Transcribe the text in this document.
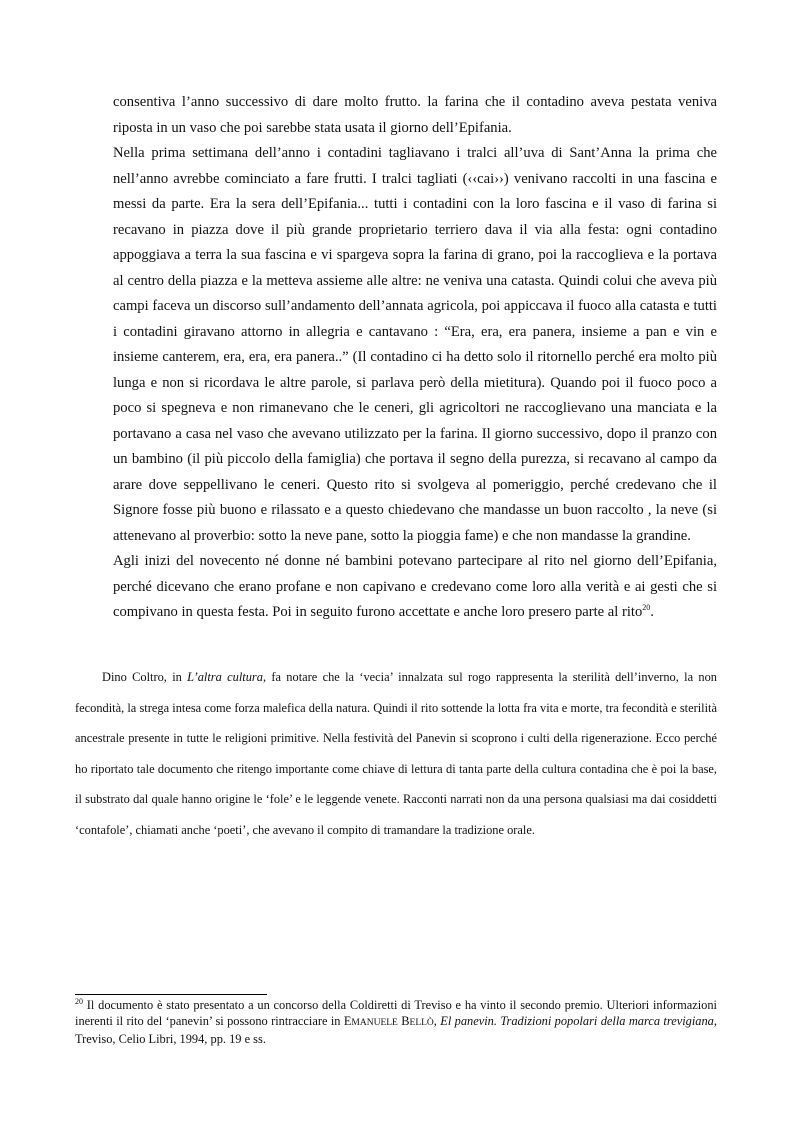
consentiva l’anno successivo di dare molto frutto. la farina che il contadino aveva pestata veniva riposta in un vaso che poi sarebbe stata usata il giorno dell’Epifania.

Nella prima settimana dell’anno i contadini tagliavano i tralci all’uva di Sant’Anna la prima che nell’anno avrebbe cominciato a fare frutti. I tralci tagliati (‹‹cai››) venivano raccolti in una fascina e messi da parte. Era la sera dell’Epifania... tutti i contadini con la loro fascina e il vaso di farina si recavano in piazza dove il più grande proprietario terriero dava il via alla festa: ogni contadino appoggiava a terra la sua fascina e vi spargeva sopra la farina di grano, poi la raccoglieva e la portava al centro della piazza e la metteva assieme alle altre: ne veniva una catasta. Quindi colui che aveva più campi faceva un discorso sull’andamento dell’annata agricola, poi appiccava il fuoco alla catasta e tutti i contadini giravano attorno in allegria e cantavano : “Era, era, era panera, insieme a pan e vin e insieme canterem, era, era, era panera..” (Il contadino ci ha detto solo il ritornello perché era molto più lunga e non si ricordava le altre parole, si parlava però della mietitura). Quando poi il fuoco poco a poco si spegneva e non rimanevano che le ceneri, gli agricoltori ne raccoglievano una manciata e la portavano a casa nel vaso che avevano utilizzato per la farina. Il giorno successivo, dopo il pranzo con un bambino (il più piccolo della famiglia) che portava il segno della purezza, si recavano al campo da arare dove seppellivano le ceneri. Questo rito si svolgeva al pomeriggio, perché credevano che il Signore fosse più buono e rilassato e a questo chiedevano che mandasse un buon raccolto , la neve (si attenevano al proverbio: sotto la neve pane, sotto la pioggia fame) e che non mandasse la grandine.

Agli inizi del novecento né donne né bambini potevano partecipare al rito nel giorno dell’Epifania, perché dicevano che erano profane e non capivano e credevano come loro alla verità e ai gesti che si compivano in questa festa. Poi in seguito furono accettate e anche loro presero parte al rito$^{20}$.

Dino Coltro, in L’altra cultura, fa notare che la ‘vecia’ innalzata sul rogo rappresenta la sterilità dell’inverno, la non fecondità, la strega intesa come forza malefica della natura. Quindi il rito sottende la lotta fra vita e morte, tra fecondità e sterilità ancestrale presente in tutte le religioni primitive. Nella festività del Panevin si scoprono i culti della rigenerazione. Ecco perché ho riportato tale documento che ritengo importante come chiave di lettura di tanta parte della cultura contadina che è poi la base, il substrato dal quale hanno origine le ‘fole’ e le leggende venete. Racconti narrati non da una persona qualsiasi ma dai cosiddetti ‘contafole’, chiamati anche ‘poeti’, che avevano il compito di tramandare la tradizione orale.

$^{20}$ Il documento è stato presentato a un concorso della Coldiretti di Treviso e ha vinto il secondo premio. Ulteriori informazioni inerenti il rito del ‘panevin’ si possono rintracciare in EMANUELE BELLÒ, El panevin. Tradizioni popolari della marca trevigiana, Treviso, Celio Libri, 1994, pp. 19 e ss.
